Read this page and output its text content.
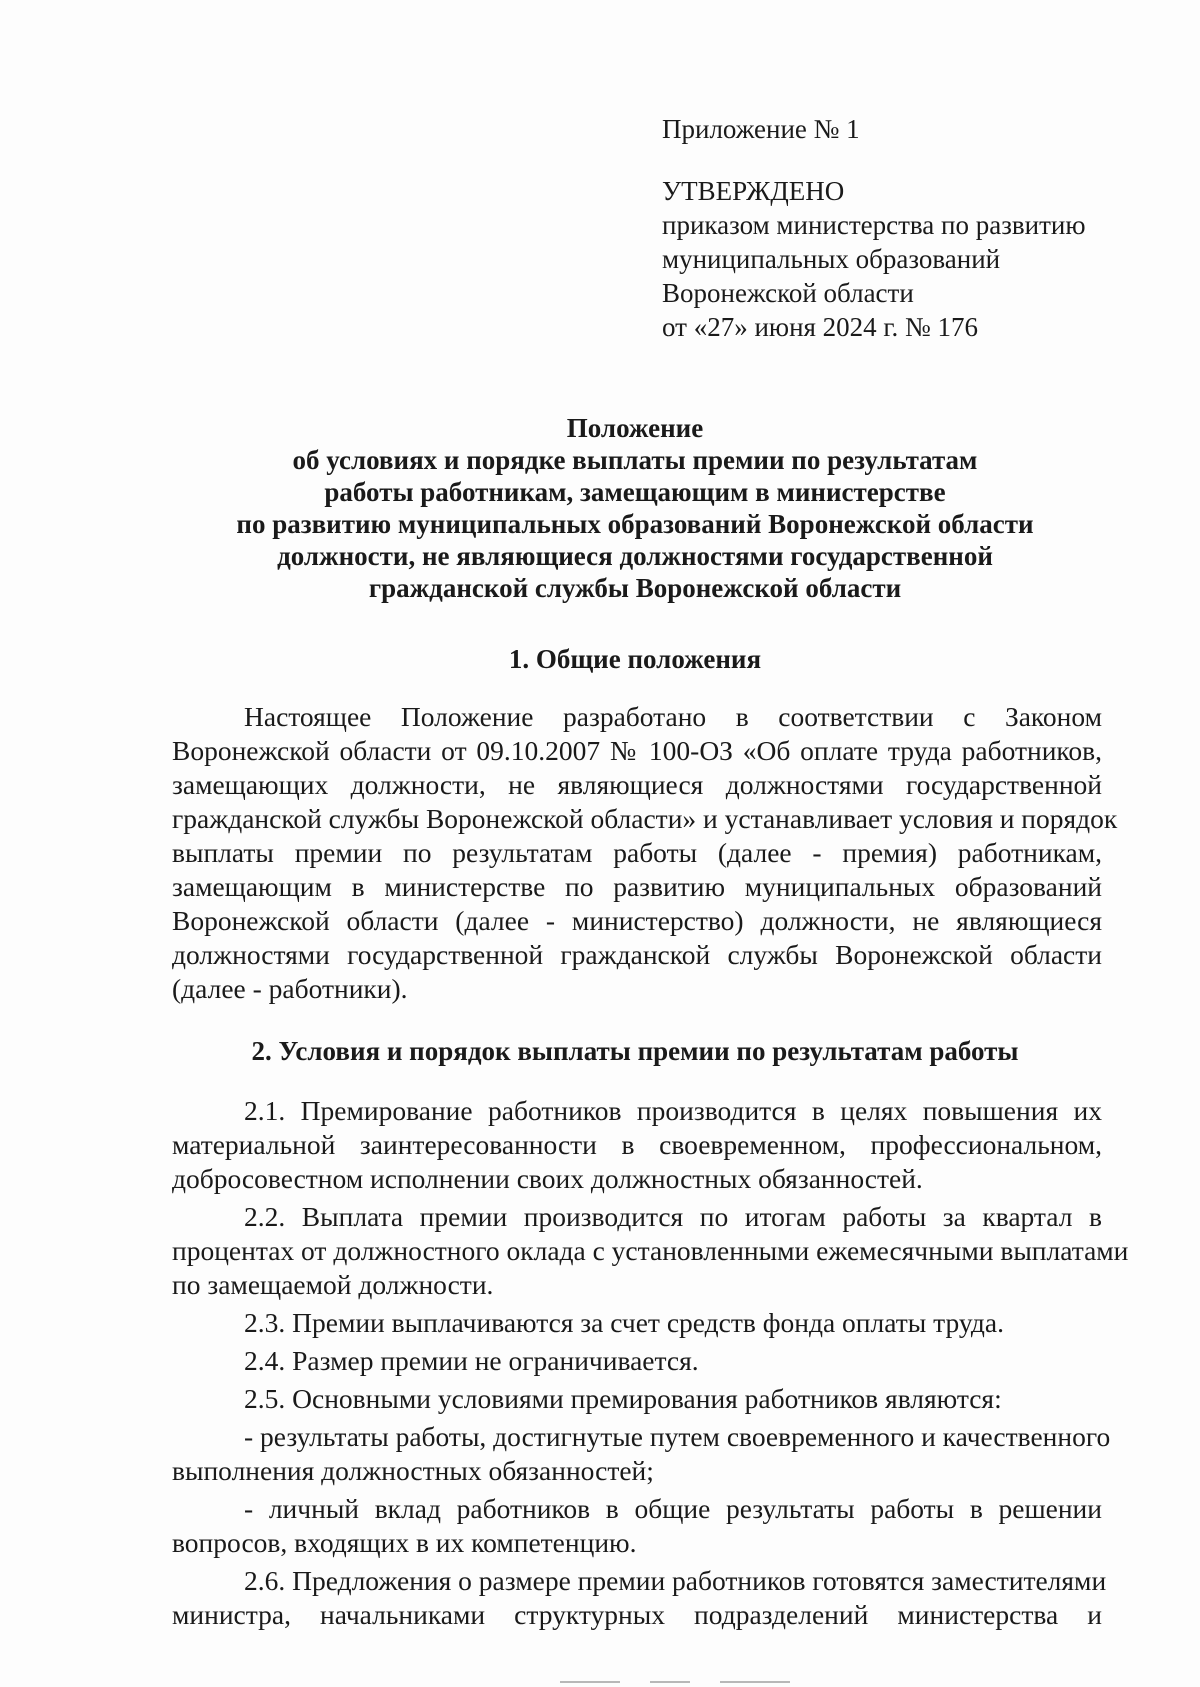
Приложение № 1
УТВЕРЖДЕНО
приказом министерства по развитию
муниципальных образований
Воронежской области
от «27» июня 2024 г. № 176
Положение
об условиях и порядке выплаты премии по результатам
работы работникам, замещающим в министерстве
по развитию муниципальных образований Воронежской области
должности, не являющиеся должностями государственной
гражданской службы Воронежской области
1. Общие положения
Настоящее Положение разработано в соответствии с Законом
Воронежской области от 09.10.2007 № 100-ОЗ «Об оплате труда работников,
замещающих должности, не являющиеся должностями государственной
гражданской службы Воронежской области» и устанавливает условия и порядок
выплаты премии по результатам работы (далее - премия) работникам,
замещающим в министерстве по развитию муниципальных образований
Воронежской области (далее - министерство) должности, не являющиеся
должностями государственной гражданской службы Воронежской области
(далее - работники).
2. Условия и порядок выплаты премии по результатам работы
2.1. Премирование работников производится в целях повышения их
материальной заинтересованности в своевременном, профессиональном,
добросовестном исполнении своих должностных обязанностей.
2.2. Выплата премии производится по итогам работы за квартал в
процентах от должностного оклада с установленными ежемесячными выплатами
по замещаемой должности.
2.3. Премии выплачиваются за счет средств фонда оплаты труда.
2.4. Размер премии не ограничивается.
2.5. Основными условиями премирования работников являются:
- результаты работы, достигнутые путем своевременного и качественного
выполнения должностных обязанностей;
- личный вклад работников в общие результаты работы в решении
вопросов, входящих в их компетенцию.
2.6. Предложения о размере премии работников готовятся заместителями
министра, начальниками структурных подразделений министерства и
